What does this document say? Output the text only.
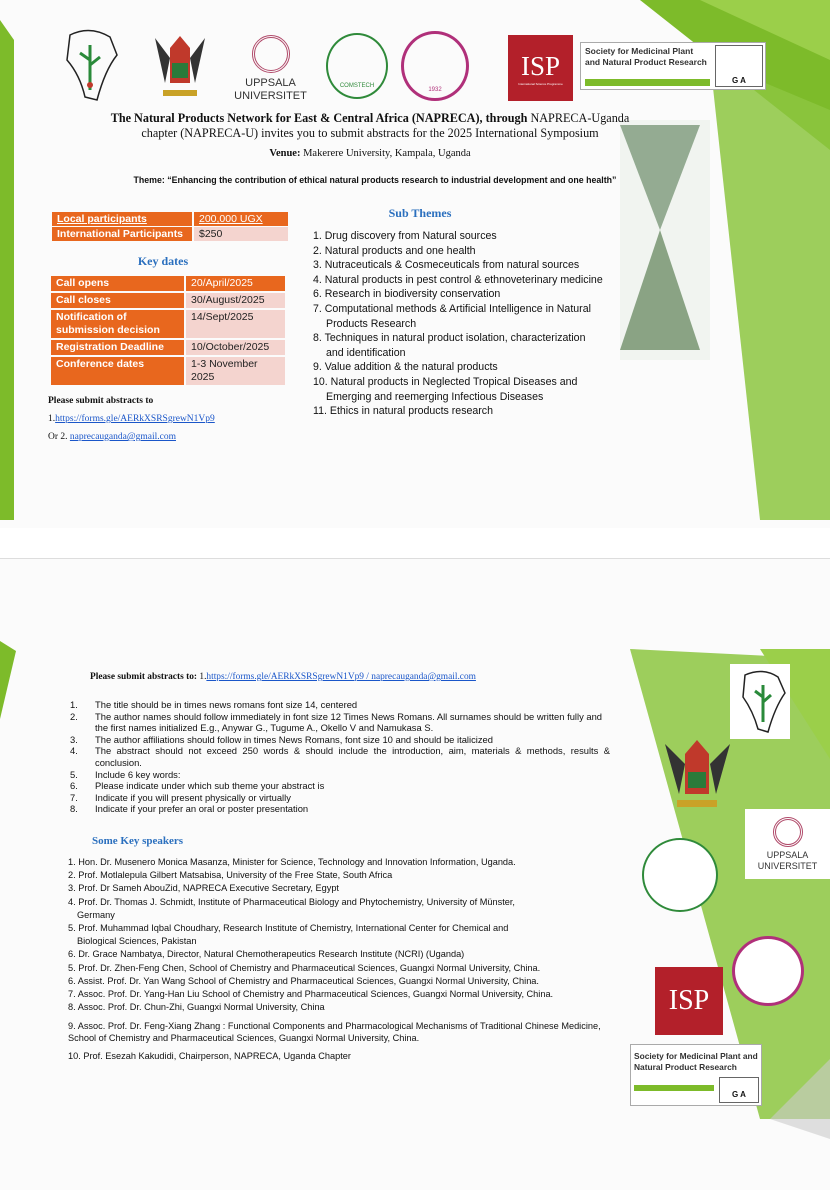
UPPSALA UNIVERSITET
COMSTECH
1932
ISP
International Science Programme
Society for Medicinal Plant and Natural Product Research
G A
The Natural Products Network for East & Central Africa (NAPRECA), through NAPRECA-Uganda chapter (NAPRECA-U) invites you to submit abstracts for the 2025 International Symposium
Venue: Makerere University, Kampala, Uganda
Theme: “Enhancing the contribution of ethical natural products research to industrial development and one health”
Local participants	200,000 UGX
International Participants	$250
Key dates
Call opens	20/April/2025
Call closes	30/August/2025
Notification of submission decision	14/Sept/2025
Registration Deadline	10/October/2025
Conference dates	1-3 November 2025
Please submit abstracts to
1.https://forms.gle/AERkXSRSgrewN1Vp9
Or 2. naprecauganda@gmail.com
Sub Themes
1. Drug discovery from Natural sources
2. Natural products and one health
3. Nutraceuticals & Cosmeceuticals from natural sources
4. Natural products in pest control & ethnoveterinary medicine
6. Research in biodiversity conservation
7. Computational methods & Artificial Intelligence in Natural
Products Research
8. Techniques in natural product isolation, characterization
and identification
9. Value addition & the natural products
10. Natural products in Neglected Tropical Diseases and
Emerging and reemerging Infectious Diseases
11. Ethics in natural products research
Please submit abstracts to: 1.https://forms.gle/AERkXSRSgrewN1Vp9 / naprecauganda@gmail.com
1.	The title should be in times news romans font size 14, centered
2.	The author names should follow immediately in font size 12 Times News Romans. All surnames should be written fully and the first names initialized E.g., Anywar G., Tugume A., Okello V and Namukasa S.
3.	The author affiliations should follow in times News Romans, font size 10 and should be italicized
4.	The abstract should not exceed 250 words & should include the introduction, aim, materials & methods, results & conclusion.
5.	Include 6 key words:
6.	Please indicate under which sub theme your abstract is
7.	Indicate if you will present physically or virtually
8.	Indicate if your prefer an oral or poster presentation
Some Key speakers
1. Hon. Dr. Musenero Monica Masanza, Minister for Science, Technology and Innovation Information, Uganda.
2. Prof. Motlalepula Gilbert Matsabisa, University of the Free State, South Africa
3. Prof. Dr Sameh AbouZid, NAPRECA Executive Secretary, Egypt
4. Prof. Dr. Thomas J. Schmidt, Institute of Pharmaceutical Biology and Phytochemistry, University of Münster,
Germany
5. Prof. Muhammad Iqbal Choudhary, Research Institute of Chemistry, International Center for Chemical and
Biological Sciences, Pakistan
6. Dr. Grace Nambatya, Director, Natural Chemotherapeutics Research Institute (NCRI) (Uganda)
5. Prof. Dr. Zhen-Feng Chen, School of Chemistry and Pharmaceutical Sciences, Guangxi Normal University, China.
6. Assist. Prof. Dr. Yan Wang School of Chemistry and Pharmaceutical Sciences, Guangxi Normal University, China.
7. Assoc. Prof. Dr. Yang-Han Liu School of Chemistry and Pharmaceutical Sciences, Guangxi Normal University, China.
8. Assoc. Prof. Dr. Chun-Zhi, Guangxi Normal University, China
9. Assoc. Prof. Dr. Feng-Xiang Zhang : Functional Components and Pharmacological Mechanisms of Traditional Chinese Medicine, School of Chemistry and Pharmaceutical Sciences, Guangxi Normal University, China.
10. Prof. Esezah Kakudidi, Chairperson, NAPRECA, Uganda Chapter
UPPSALA UNIVERSITET
ISP
Society for Medicinal Plant and Natural Product Research
G A
